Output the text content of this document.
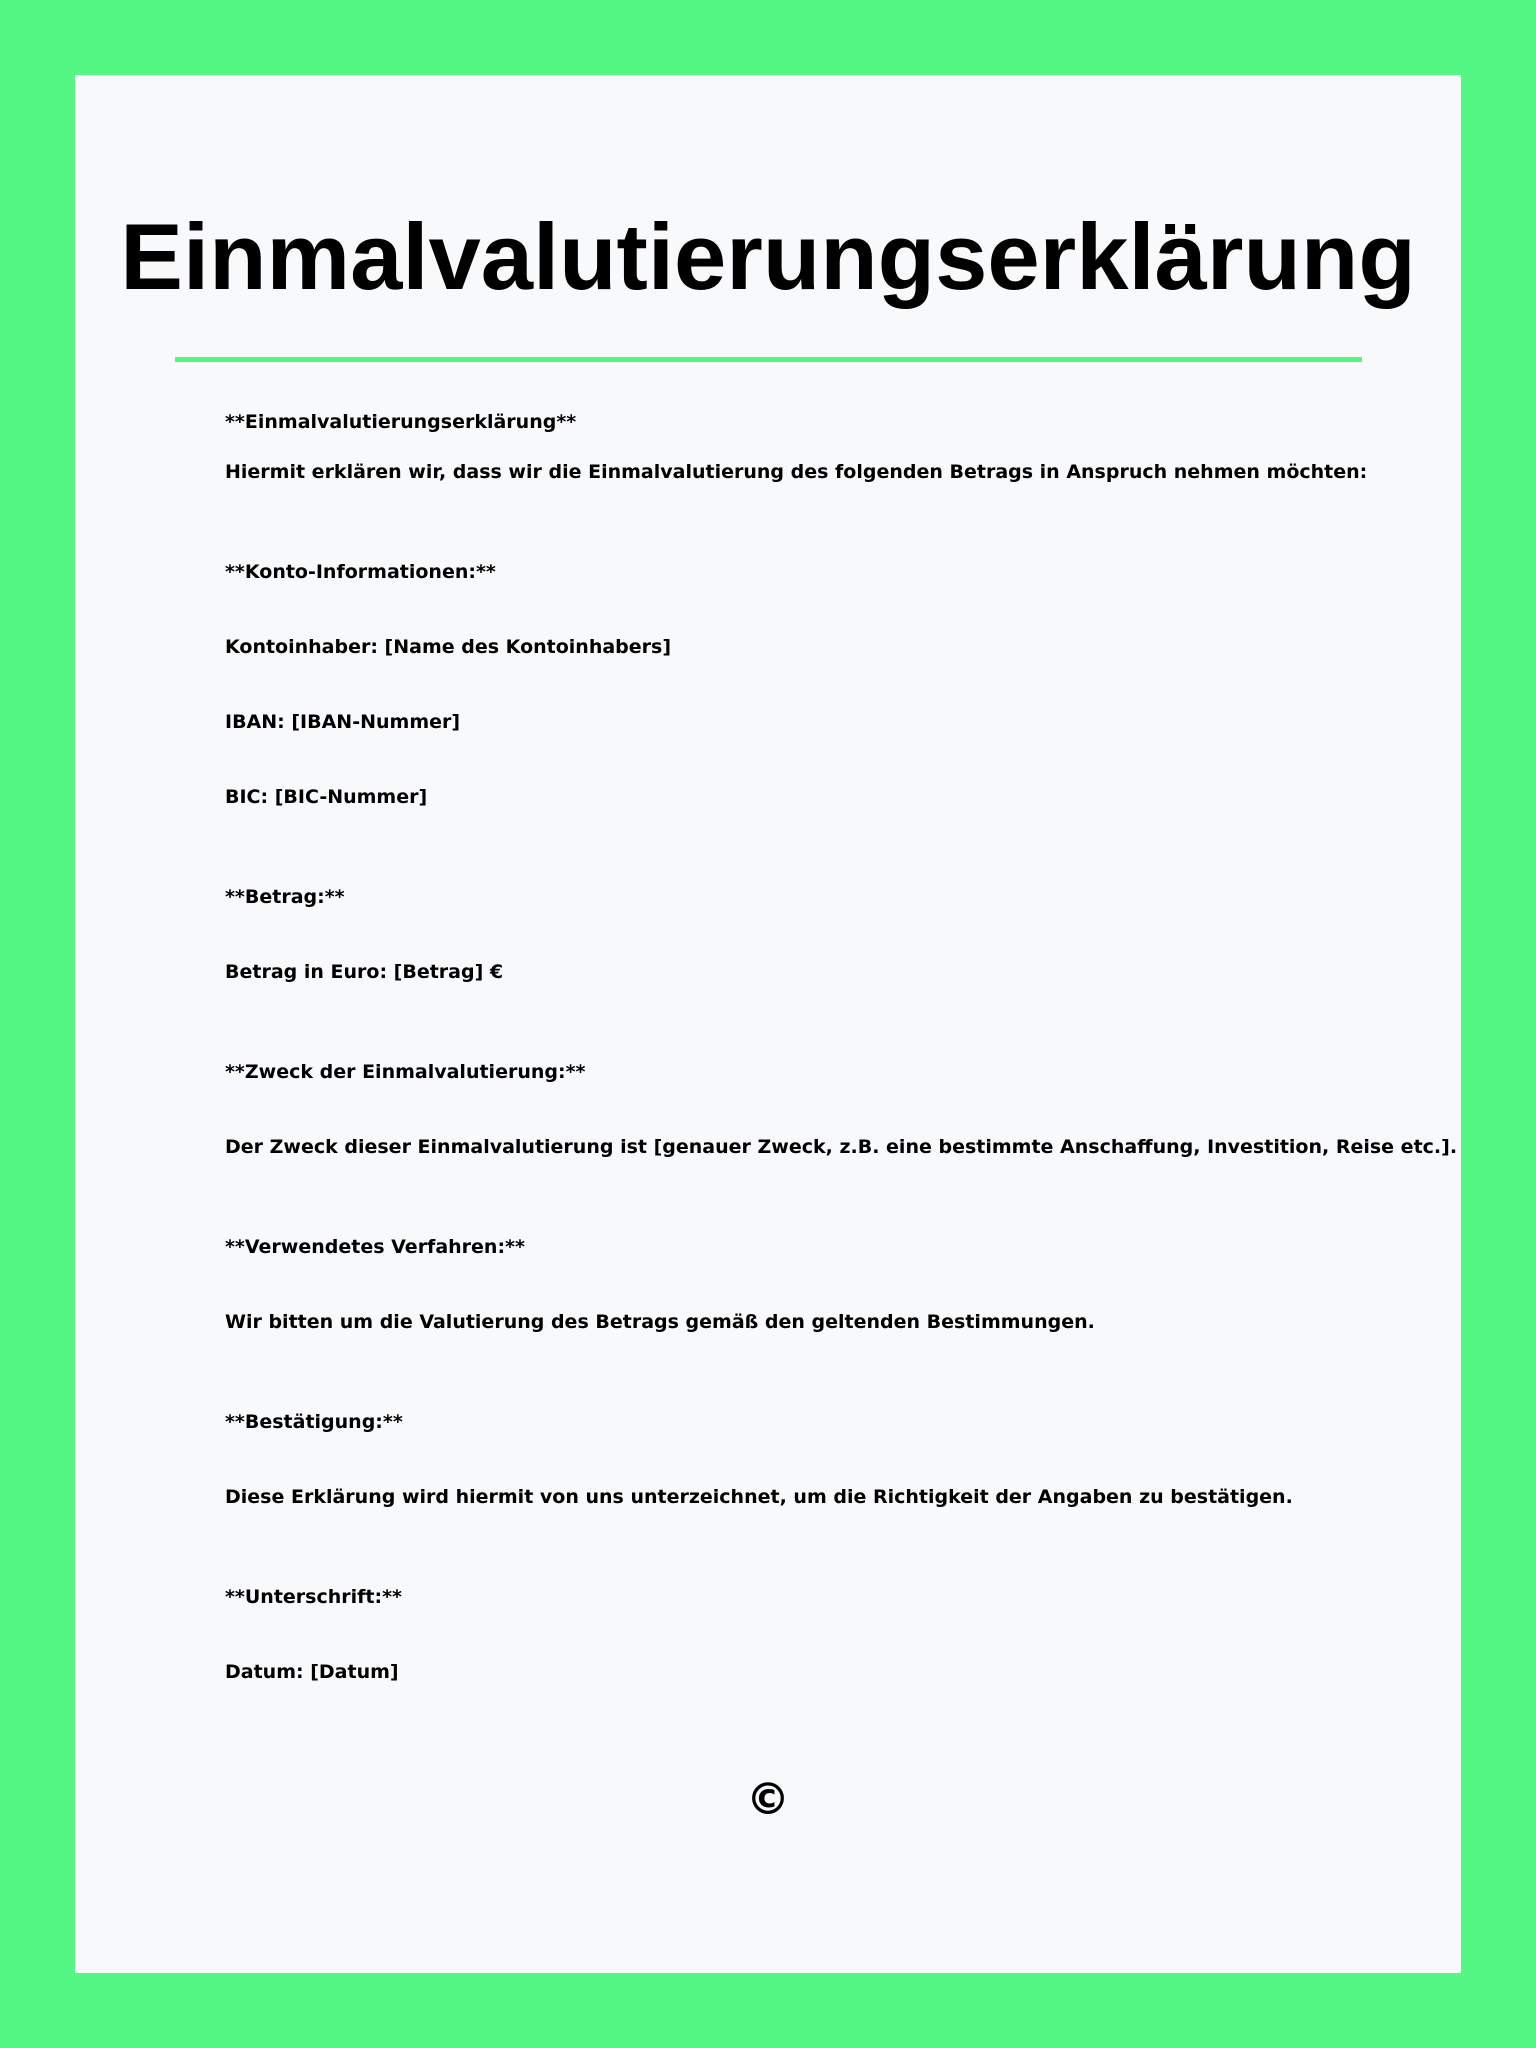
Einmalvalutierungserklärung
**Einmalvalutierungserklärung**
Hiermit erklären wir, dass wir die Einmalvalutierung des folgenden Betrags in Anspruch nehmen möchten:
**Konto-Informationen:**
Kontoinhaber: [Name des Kontoinhabers]
IBAN: [IBAN-Nummer]
BIC: [BIC-Nummer]
**Betrag:**
Betrag in Euro: [Betrag] €
**Zweck der Einmalvalutierung:**
Der Zweck dieser Einmalvalutierung ist [genauer Zweck, z.B. eine bestimmte Anschaffung, Investition, Reise etc.].
**Verwendetes Verfahren:**
Wir bitten um die Valutierung des Betrags gemäß den geltenden Bestimmungen.
**Bestätigung:**
Diese Erklärung wird hiermit von uns unterzeichnet, um die Richtigkeit der Angaben zu bestätigen.
**Unterschrift:**
Datum: [Datum]
©
